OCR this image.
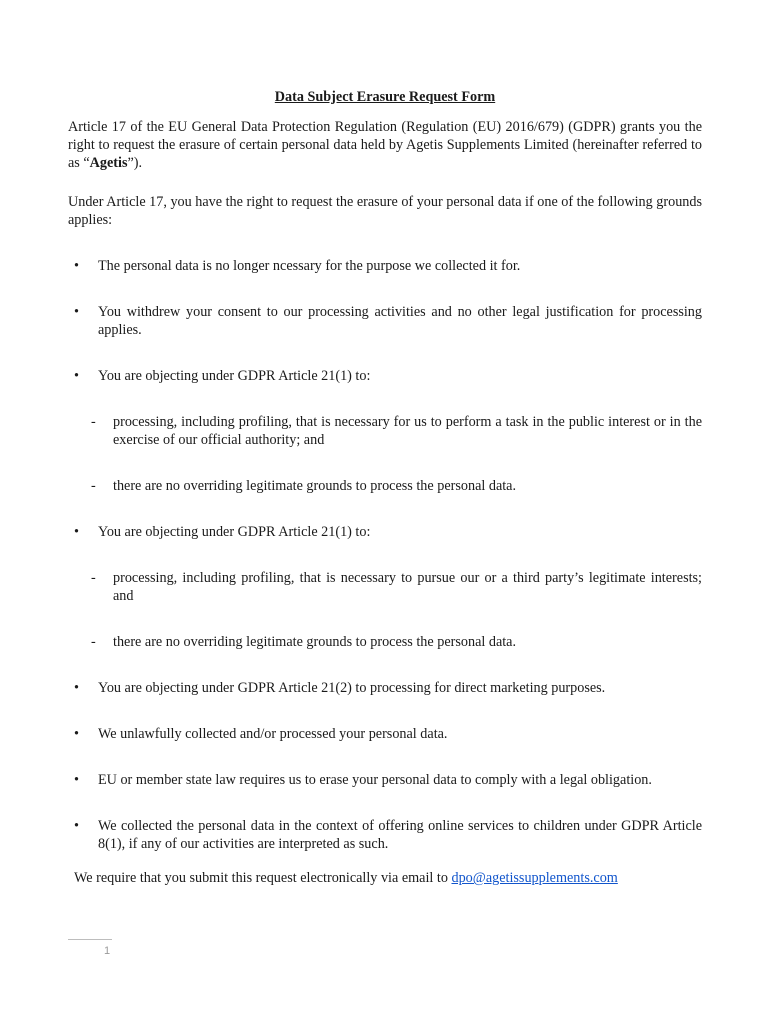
Data Subject Erasure Request Form

Article 17 of the EU General Data Protection Regulation (Regulation (EU) 2016/679) (GDPR) grants you the right to request the erasure of certain personal data held by Agetis Supplements Limited (hereinafter referred to as “Agetis”).

Under Article 17, you have the right to request the erasure of your personal data if one of the following grounds applies:

• The personal data is no longer ncessary for the purpose we collected it for.
• You withdrew your consent to our processing activities and no other legal justification for processing applies.
• You are objecting under GDPR Article 21(1) to:
- processing, including profiling, that is necessary for us to perform a task in the public interest or in the exercise of our official authority; and
- there are no overriding legitimate grounds to process the personal data.
• You are objecting under GDPR Article 21(1) to:
- processing, including profiling, that is necessary to pursue our or a third party’s legitimate interests; and
- there are no overriding legitimate grounds to process the personal data.
• You are objecting under GDPR Article 21(2) to processing for direct marketing purposes.
• We unlawfully collected and/or processed your personal data.
• EU or member state law requires us to erase your personal data to comply with a legal obligation.
• We collected the personal data in the context of offering online services to children under GDPR Article 8(1), if any of our activities are interpreted as such.
We require that you submit this request electronically via email to dpo@agetissupplements.com
1
